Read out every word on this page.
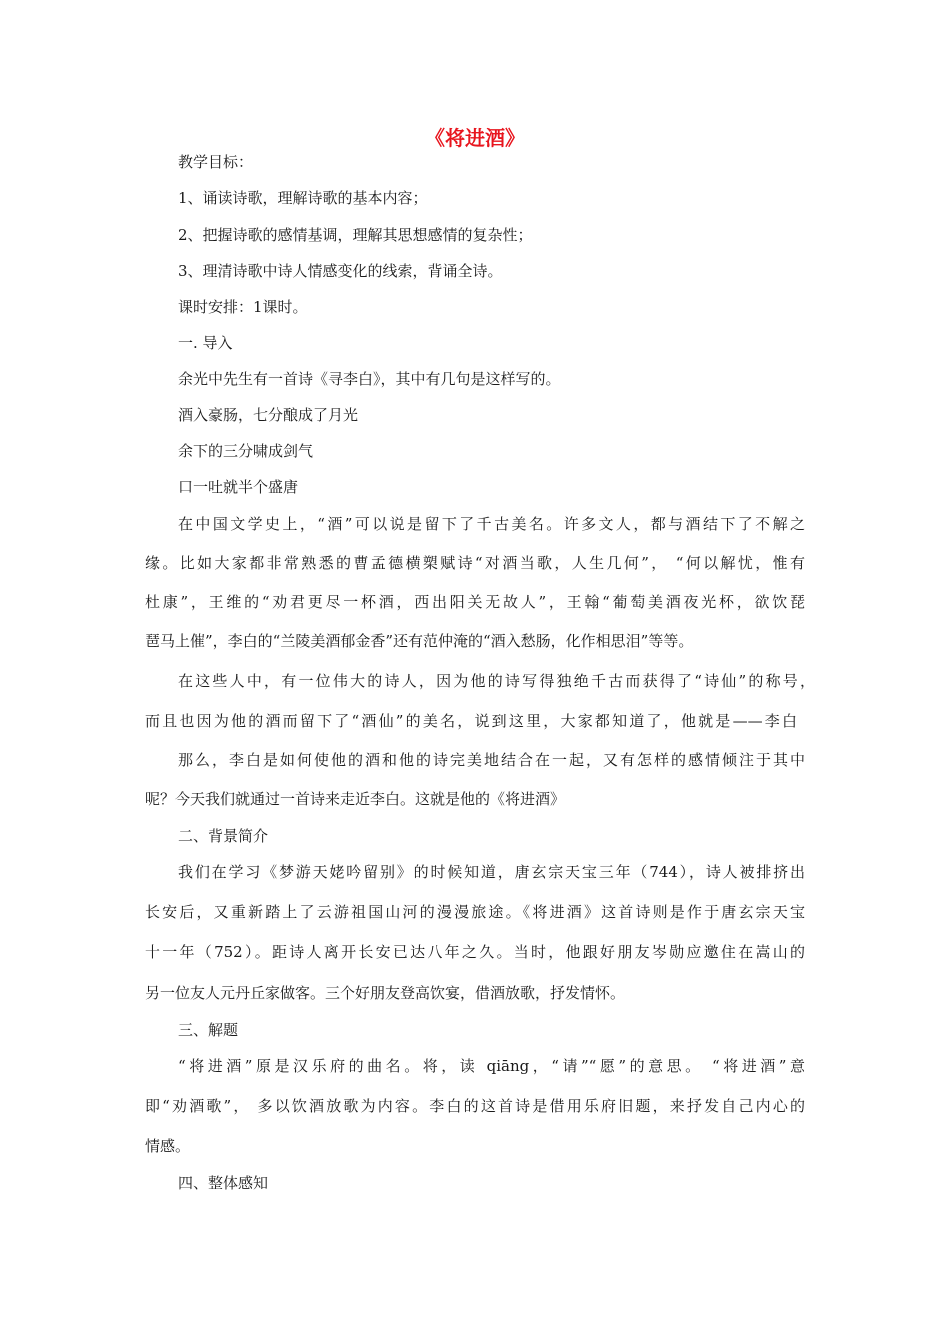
《将进酒》
教学目标：
1、诵读诗歌，理解诗歌的基本内容；
2、把握诗歌的感情基调，理解其思想感情的复杂性；
3、理清诗歌中诗人情感变化的线索，背诵全诗。
课时安排：1课时。
一. 导入
余光中先生有一首诗《寻李白》，其中有几句是这样写的。
酒入豪肠，七分酿成了月光
余下的三分啸成剑气
口一吐就半个盛唐
在中国文学史上，“酒”可以说是留下了千古美名。许多文人，都与酒结下了不解之
缘。比如大家都非常熟悉的曹孟德横槊赋诗“对酒当歌，人生几何”， “何以解忧，惟有
杜康”，王维的“劝君更尽一杯酒，西出阳关无故人”，王翰“葡萄美酒夜光杯，欲饮琵
琶马上催”，李白的“兰陵美酒郁金香”还有范仲淹的“酒入愁肠，化作相思泪”等等。
在这些人中，有一位伟大的诗人，因为他的诗写得独绝千古而获得了“诗仙”的称号，
而且也因为他的酒而留下了“酒仙”的美名，说到这里，大家都知道了，他就是——李白
那么，李白是如何使他的酒和他的诗完美地结合在一起，又有怎样的感情倾注于其中
呢？今天我们就通过一首诗来走近李白。这就是他的《将进酒》
二、背景简介
我们在学习《梦游天姥吟留别》的时候知道，唐玄宗天宝三年（744），诗人被排挤出
长安后，又重新踏上了云游祖国山河的漫漫旅途。《将进酒》这首诗则是作于唐玄宗天宝
十一年（752）。距诗人离开长安已达八年之久。当时，他跟好朋友岑勋应邀住在嵩山的
另一位友人元丹丘家做客。三个好朋友登高饮宴，借酒放歌，抒发情怀。
三、解题
“将进酒”原是汉乐府的曲名。将，读 qiāng，“请”“愿”的意思。 “将进酒”意
即“劝酒歌”， 多以饮酒放歌为内容。李白的这首诗是借用乐府旧题，来抒发自己内心的
情感。
四、整体感知
